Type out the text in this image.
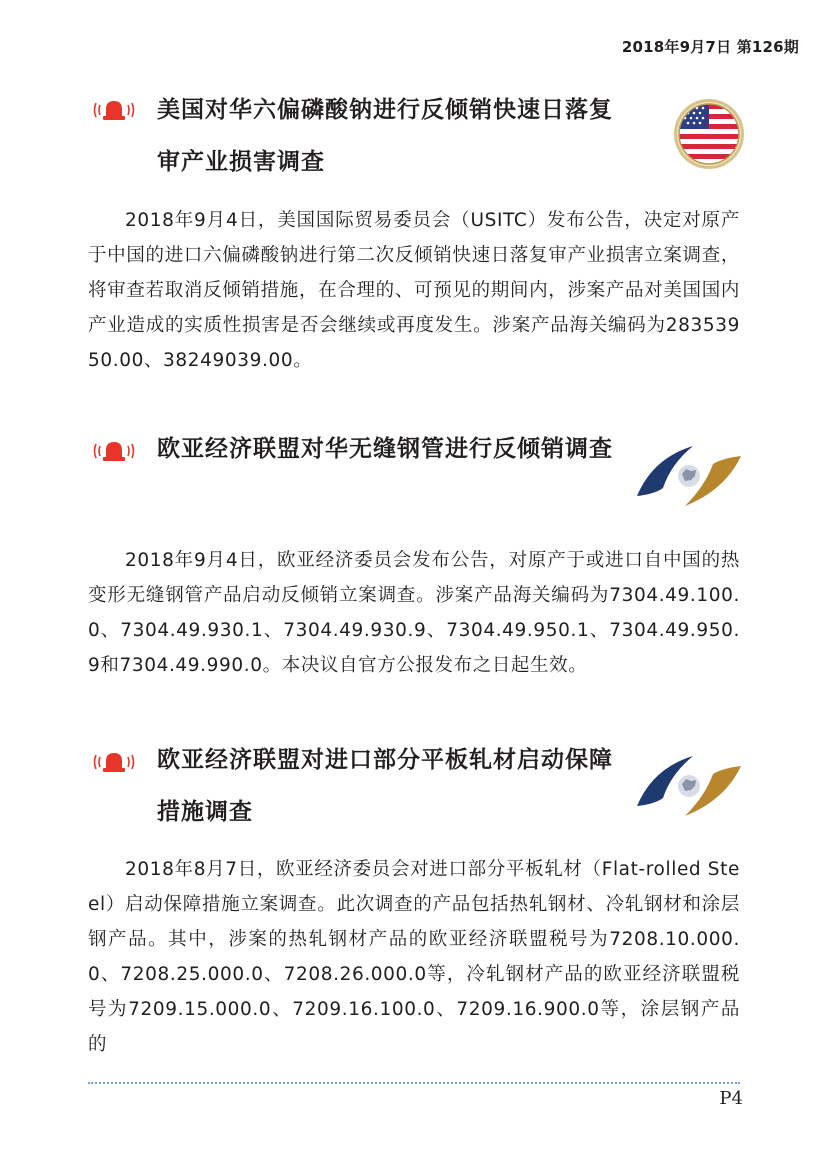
2018年9月7日 第126期
美国对华六偏磷酸钠进行反倾销快速日落复审产业损害调查

2018年9月4日，美国国际贸易委员会（USITC）发布公告，决定对原产于中国的进口六偏磷酸钠进行第二次反倾销快速日落复审产业损害立案调查，将审查若取消反倾销措施，在合理的、可预见的期间内，涉案产品对美国国内产业造成的实质性损害是否会继续或再度发生。涉案产品海关编码为28353950.00、38249039.00。

欧亚经济联盟对华无缝钢管进行反倾销调查

2018年9月4日，欧亚经济委员会发布公告，对原产于或进口自中国的热变形无缝钢管产品启动反倾销立案调查。涉案产品海关编码为7304.49.100.0、7304.49.930.1、7304.49.930.9、7304.49.950.1、7304.49.950.9和7304.49.990.0。本决议自官方公报发布之日起生效。

欧亚经济联盟对进口部分平板轧材启动保障措施调查

2018年8月7日，欧亚经济委员会对进口部分平板轧材（Flat-rolled Steel）启动保障措施立案调查。此次调查的产品包括热轧钢材、冷轧钢材和涂层钢产品。其中，涉案的热轧钢材产品的欧亚经济联盟税号为7208.10.000.0、7208.25.000.0、7208.26.000.0等，冷轧钢材产品的欧亚经济联盟税号为7209.15.000.0、7209.16.100.0、7209.16.900.0等，涂层钢产品的

P4
